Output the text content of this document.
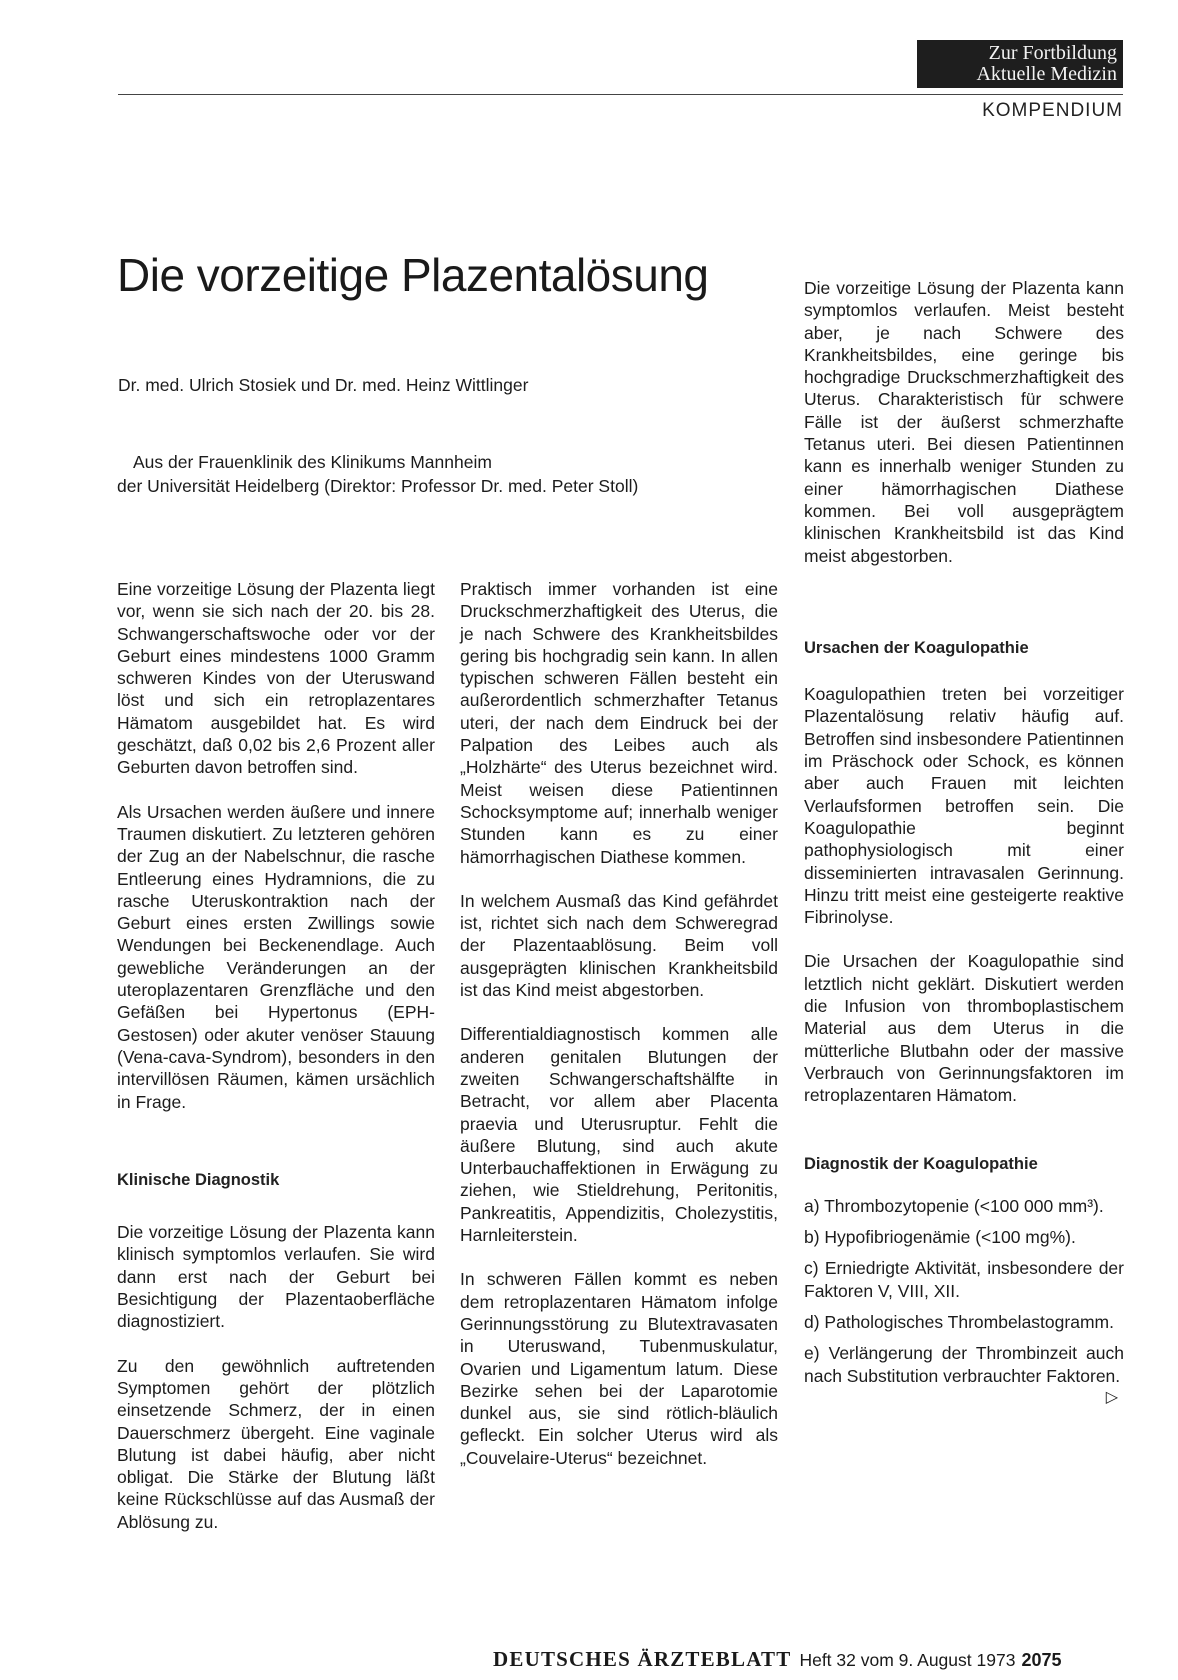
Zur Fortbildung
Aktuelle Medizin
KOMPENDIUM
Die vorzeitige Plazentalösung
Dr. med. Ulrich Stosiek und Dr. med. Heinz Wittlinger
Aus der Frauenklinik des Klinikums Mannheim
der Universität Heidelberg (Direktor: Professor Dr. med. Peter Stoll)

Eine vorzeitige Lösung der Plazenta liegt vor, wenn sie sich nach der 20. bis 28. Schwangerschaftswoche oder vor der Geburt eines mindestens 1000 Gramm schweren Kindes von der Uteruswand löst und sich ein retroplazentares Hämatom ausgebildet hat. Es wird geschätzt, daß 0,02 bis 2,6 Prozent aller Geburten davon betroffen sind.

Als Ursachen werden äußere und innere Traumen diskutiert. Zu letzteren gehören der Zug an der Nabelschnur, die rasche Entleerung eines Hydramnions, die zu rasche Uteruskontraktion nach der Geburt eines ersten Zwillings sowie Wendungen bei Beckenendlage. Auch gewebliche Veränderungen an der uteroplazentaren Grenzfläche und den Gefäßen bei Hypertonus (EPH-Gestosen) oder akuter venöser Stauung (Vena-cava-Syndrom), besonders in den intervillösen Räumen, kämen ursächlich in Frage.

Klinische Diagnostik

Die vorzeitige Lösung der Plazenta kann klinisch symptomlos verlaufen. Sie wird dann erst nach der Geburt bei Besichtigung der Plazentaoberfläche diagnostiziert.

Zu den gewöhnlich auftretenden Symptomen gehört der plötzlich einsetzende Schmerz, der in einen Dauerschmerz übergeht. Eine vaginale Blutung ist dabei häufig, aber nicht obligat. Die Stärke der Blutung läßt keine Rückschlüsse auf das Ausmaß der Ablösung zu.

Praktisch immer vorhanden ist eine Druckschmerzhaftigkeit des Uterus, die je nach Schwere des Krankheitsbildes gering bis hochgradig sein kann. In allen typischen schweren Fällen besteht ein außerordentlich schmerzhafter Tetanus uteri, der nach dem Eindruck bei der Palpation des Leibes auch als „Holzhärte“ des Uterus bezeichnet wird. Meist weisen diese Patientinnen Schocksymptome auf; innerhalb weniger Stunden kann es zu einer hämorrhagischen Diathese kommen.

In welchem Ausmaß das Kind gefährdet ist, richtet sich nach dem Schweregrad der Plazentaablösung. Beim voll ausgeprägten klinischen Krankheitsbild ist das Kind meist abgestorben.

Differentialdiagnostisch kommen alle anderen genitalen Blutungen der zweiten Schwangerschaftshälfte in Betracht, vor allem aber Placenta praevia und Uterusruptur. Fehlt die äußere Blutung, sind auch akute Unterbauchaffektionen in Erwägung zu ziehen, wie Stieldrehung, Peritonitis, Pankreatitis, Appendizitis, Cholezystitis, Harnleiterstein.

In schweren Fällen kommt es neben dem retroplazentaren Hämatom infolge Gerinnungsstörung zu Blutextravasaten in Uteruswand, Tubenmuskulatur, Ovarien und Ligamentum latum. Diese Bezirke sehen bei der Laparotomie dunkel aus, sie sind rötlich-bläulich gefleckt. Ein solcher Uterus wird als „Couvelaire-Uterus“ bezeichnet.

Die vorzeitige Lösung der Plazenta kann symptomlos verlaufen. Meist besteht aber, je nach Schwere des Krankheitsbildes, eine geringe bis hochgradige Druckschmerzhaftigkeit des Uterus. Charakteristisch für schwere Fälle ist der äußerst schmerzhafte Tetanus uteri. Bei diesen Patientinnen kann es innerhalb weniger Stunden zu einer hämorrhagischen Diathese kommen. Bei voll ausgeprägtem klinischen Krankheitsbild ist das Kind meist abgestorben.

Ursachen der Koagulopathie

Koagulopathien treten bei vorzeitiger Plazentalösung relativ häufig auf. Betroffen sind insbesondere Patientinnen im Präschock oder Schock, es können aber auch Frauen mit leichten Verlaufsformen betroffen sein. Die Koagulopathie beginnt pathophysiologisch mit einer disseminierten intravasalen Gerinnung. Hinzu tritt meist eine gesteigerte reaktive Fibrinolyse.

Die Ursachen der Koagulopathie sind letztlich nicht geklärt. Diskutiert werden die Infusion von thromboplastischem Material aus dem Uterus in die mütterliche Blutbahn oder der massive Verbrauch von Gerinnungsfaktoren im retroplazentaren Hämatom.

Diagnostik der Koagulopathie
a) Thrombozytopenie (<100 000 mm³).
b) Hypofibriogenämie (<100 mg%).
c) Erniedrigte Aktivität, insbesondere der Faktoren V, VIII, XII.
d) Pathologisches Thrombelastogramm.
e) Verlängerung der Thrombinzeit auch nach Substitution verbrauchter Faktoren.
▷
DEUTSCHES ÄRZTEBLATT Heft 32 vom 9. August 1973 2075
